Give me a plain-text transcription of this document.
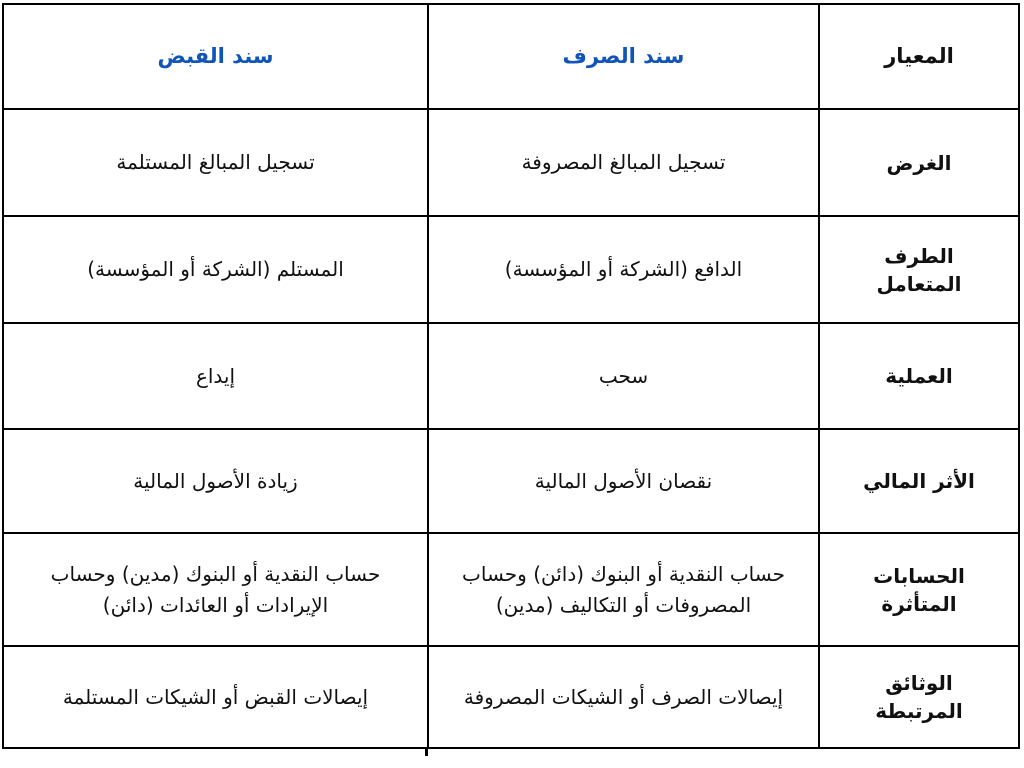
المعيار	سند الصرف	سند القبض
الغرض	تسجيل المبالغ المصروفة	تسجيل المبالغ المستلمة
الطرف المتعامل	الدافع (الشركة أو المؤسسة)	المستلم (الشركة أو المؤسسة)
العملية	سحب	إيداع
الأثر المالي	نقصان الأصول المالية	زيادة الأصول المالية
الحسابات المتأثرة	حساب النقدية أو البنوك (دائن) وحساب المصروفات أو التكاليف (مدين)	حساب النقدية أو البنوك (مدين) وحساب الإيرادات أو العائدات (دائن)
الوثائق المرتبطة	إيصالات الصرف أو الشيكات المصروفة	إيصالات القبض أو الشيكات المستلمة
